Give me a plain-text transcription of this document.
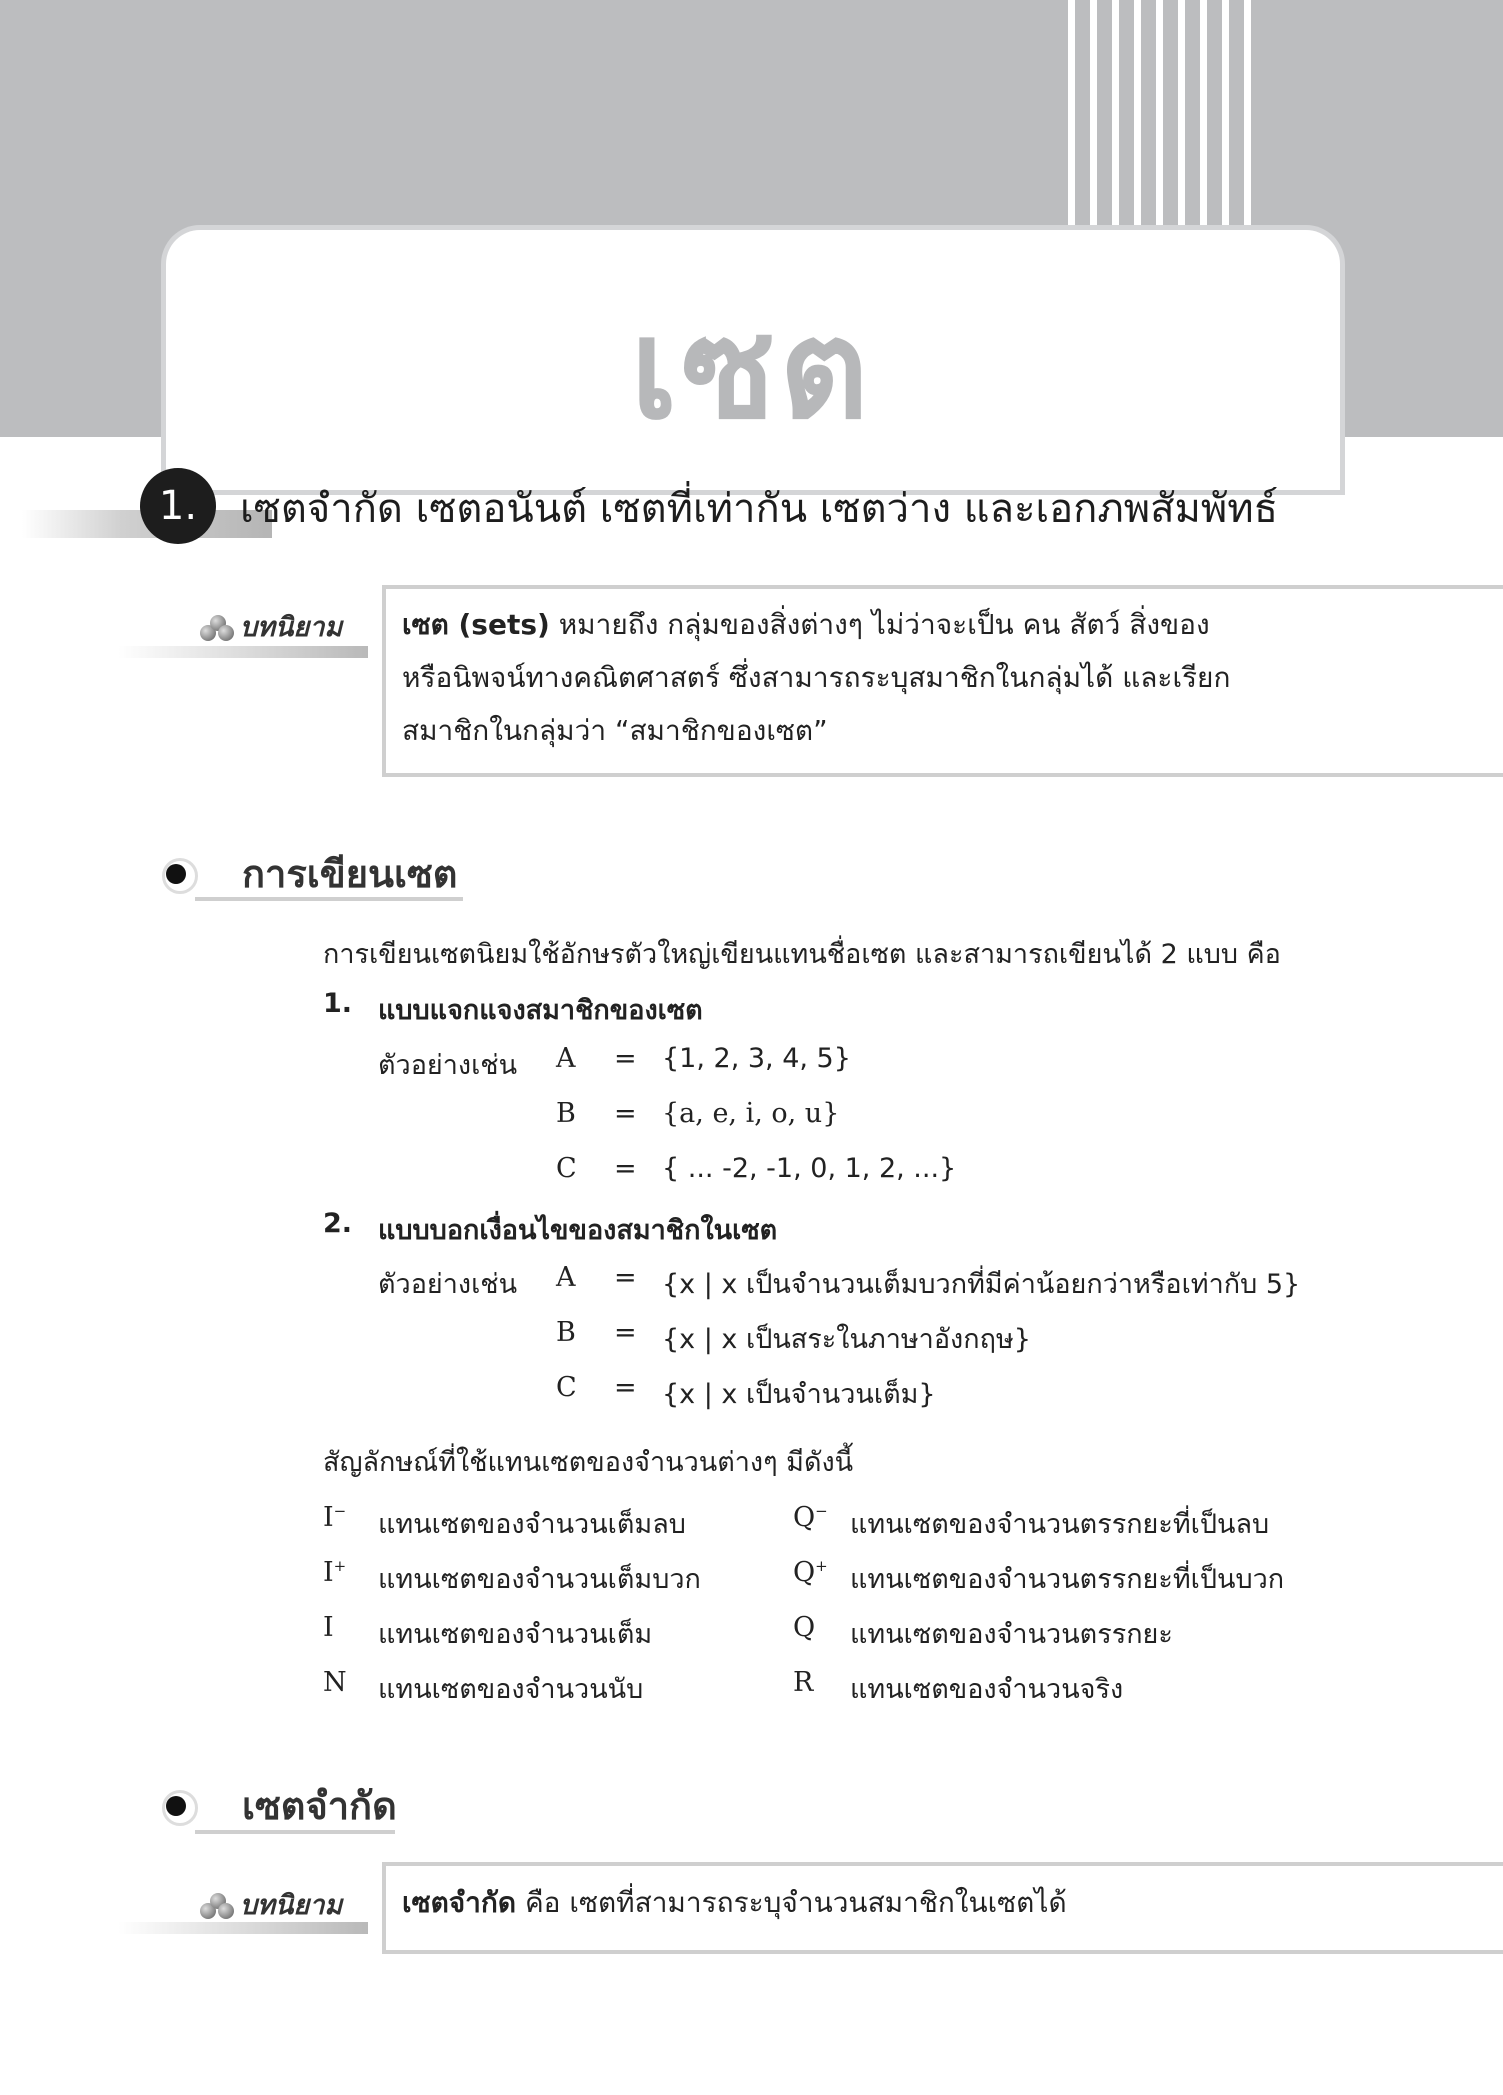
เซต
1.	เซตจำกัด เซตอนันต์ เซตที่เท่ากัน เซตว่าง และเอกภพสัมพัทธ์
บทนิยาม เซต (sets) หมายถึง กลุ่มของสิ่งต่างๆ ไม่ว่าจะเป็น คน สัตว์ สิ่งของ
หรือนิพจน์ทางคณิตศาสตร์ ซึ่งสามารถระบุสมาชิกในกลุ่มได้ และเรียก
สมาชิกในกลุ่มว่า “สมาชิกของเซต”
การเขียนเซต
การเขียนเซตนิยมใช้อักษรตัวใหญ่เขียนแทนชื่อเซต และสามารถเขียนได้ 2 แบบ คือ
1. แบบแจกแจงสมาชิกของเซต
ตัวอย่างเช่น A = {1, 2, 3, 4, 5}
B = {a, e, i, o, u}
C = { ... -2, -1, 0, 1, 2, ...}
2. แบบบอกเงื่อนไขของสมาชิกในเซต
ตัวอย่างเช่น A = {x | x เป็นจำนวนเต็มบวกที่มีค่าน้อยกว่าหรือเท่ากับ 5}
B = {x | x เป็นสระในภาษาอังกฤษ}
C = {x | x เป็นจำนวนเต็ม}
สัญลักษณ์ที่ใช้แทนเซตของจำนวนต่างๆ มีดังนี้
I− แทนเซตของจำนวนเต็มลบ	Q− แทนเซตของจำนวนตรรกยะที่เป็นลบ
I+ แทนเซตของจำนวนเต็มบวก	Q+ แทนเซตของจำนวนตรรกยะที่เป็นบวก
I แทนเซตของจำนวนเต็ม	Q แทนเซตของจำนวนตรรกยะ
N แทนเซตของจำนวนนับ	R แทนเซตของจำนวนจริง
เซตจำกัด
บทนิยาม เซตจำกัด คือ เซตที่สามารถระบุจำนวนสมาชิกในเซตได้
